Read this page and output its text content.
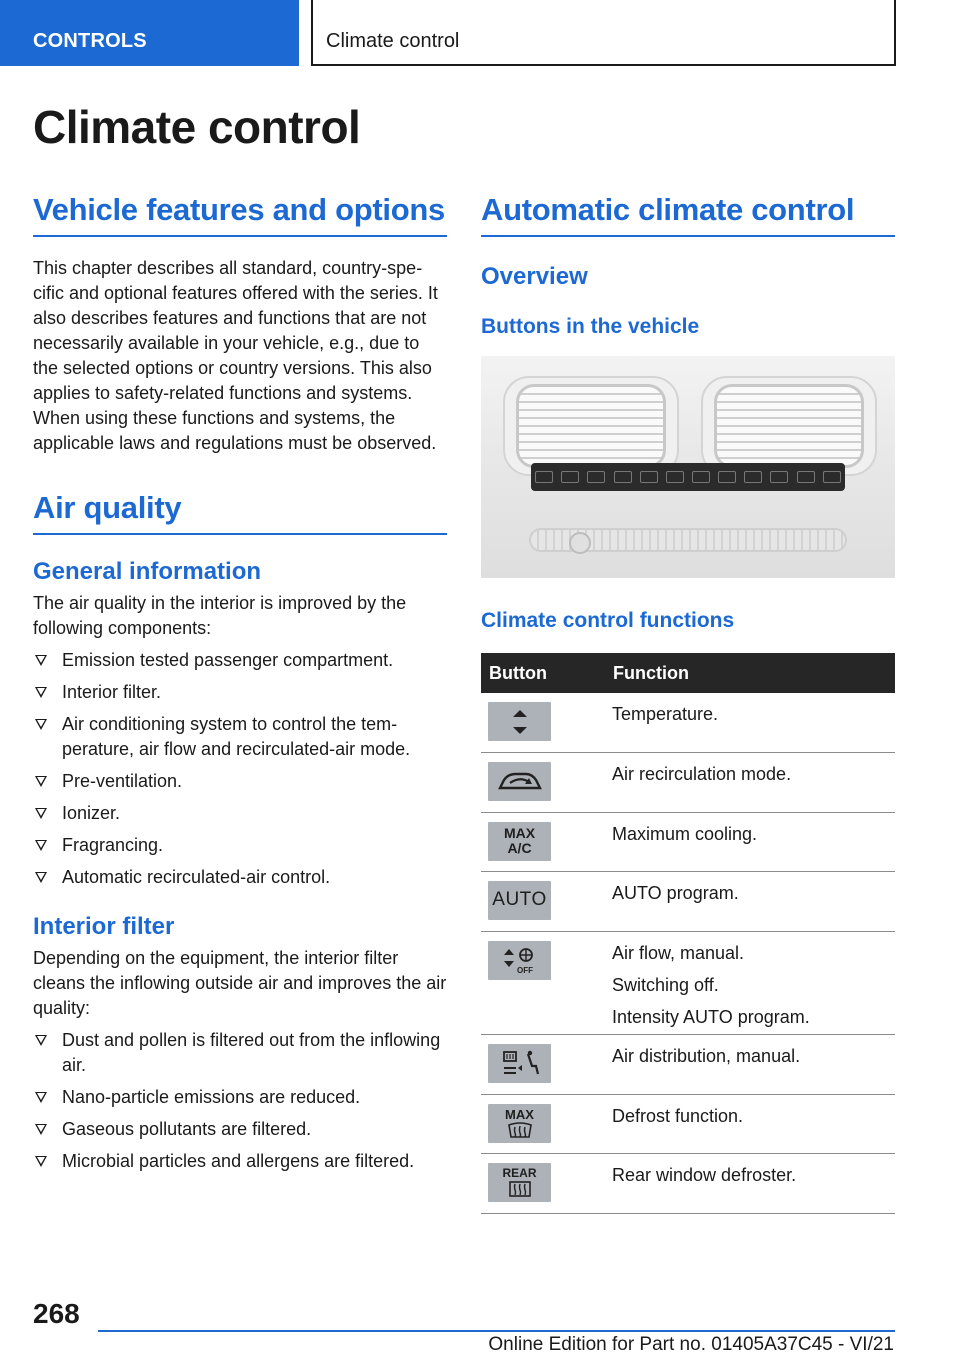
CONTROLS	Climate control
Climate control
Vehicle features and options

This chapter describes all standard, country-specific and optional features offered with the series. It also describes features and functions that are not necessarily available in your vehicle, e.g., due to the selected options or country versions. This also applies to safety-related functions and systems. When using these functions and systems, the applicable laws and regulations must be observed.

Air quality
General information

The air quality in the interior is improved by the following components:

Emission tested passenger compartment.
Interior filter.
Air conditioning system to control the temperature, air flow and recirculated-air mode.
Pre-ventilation.
Ionizer.
Fragrancing.
Automatic recirculated-air control.
Interior filter

Depending on the equipment, the interior filter cleans the inflowing outside air and improves the air quality:

Dust and pollen is filtered out from the inflowing air.
Nano-particle emissions are reduced.
Gaseous pollutants are filtered.
Microbial particles and allergens are filtered.
Automatic climate control
Overview
Buttons in the vehicle
Climate control functions
Button	Function

Temperature.

Air recirculation mode.

MAX
A/C	Maximum cooling.

AUTO	AUTO program.

OFF	Air flow, manual.
Switching off.
Intensity AUTO program.

Air distribution, manual.

MAX	Defrost function.

REAR	Rear window defroster.
268
Online Edition for Part no. 01405A37C45 - VI/21
